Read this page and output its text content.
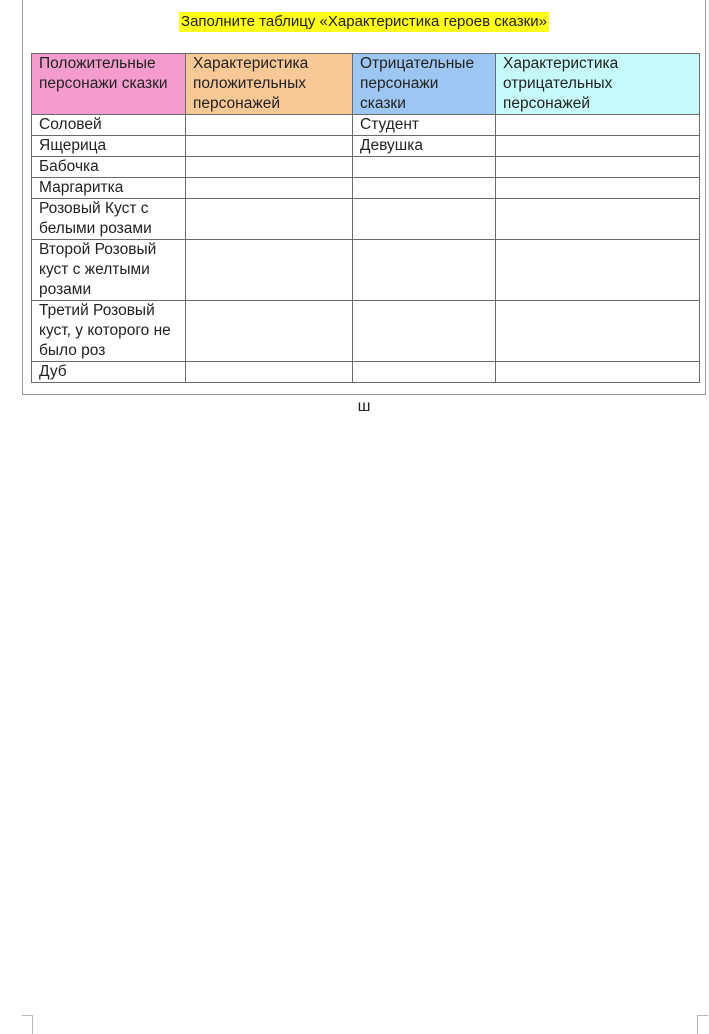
Заполните таблицу «Характеристика героев сказки»
Положительные персонажи сказки	Характеристика положительных персонажей	Отрицательные персонажи сказки	Характеристика отрицательных персонажей
Соловей		Студент	
Ящерица		Девушка	
Бабочка			
Маргаритка			
Розовый Куст с белыми розами			
Второй Розовый куст с желтыми розами			
Третий Розовый куст, у которого не было роз			
Дуб			
ш
